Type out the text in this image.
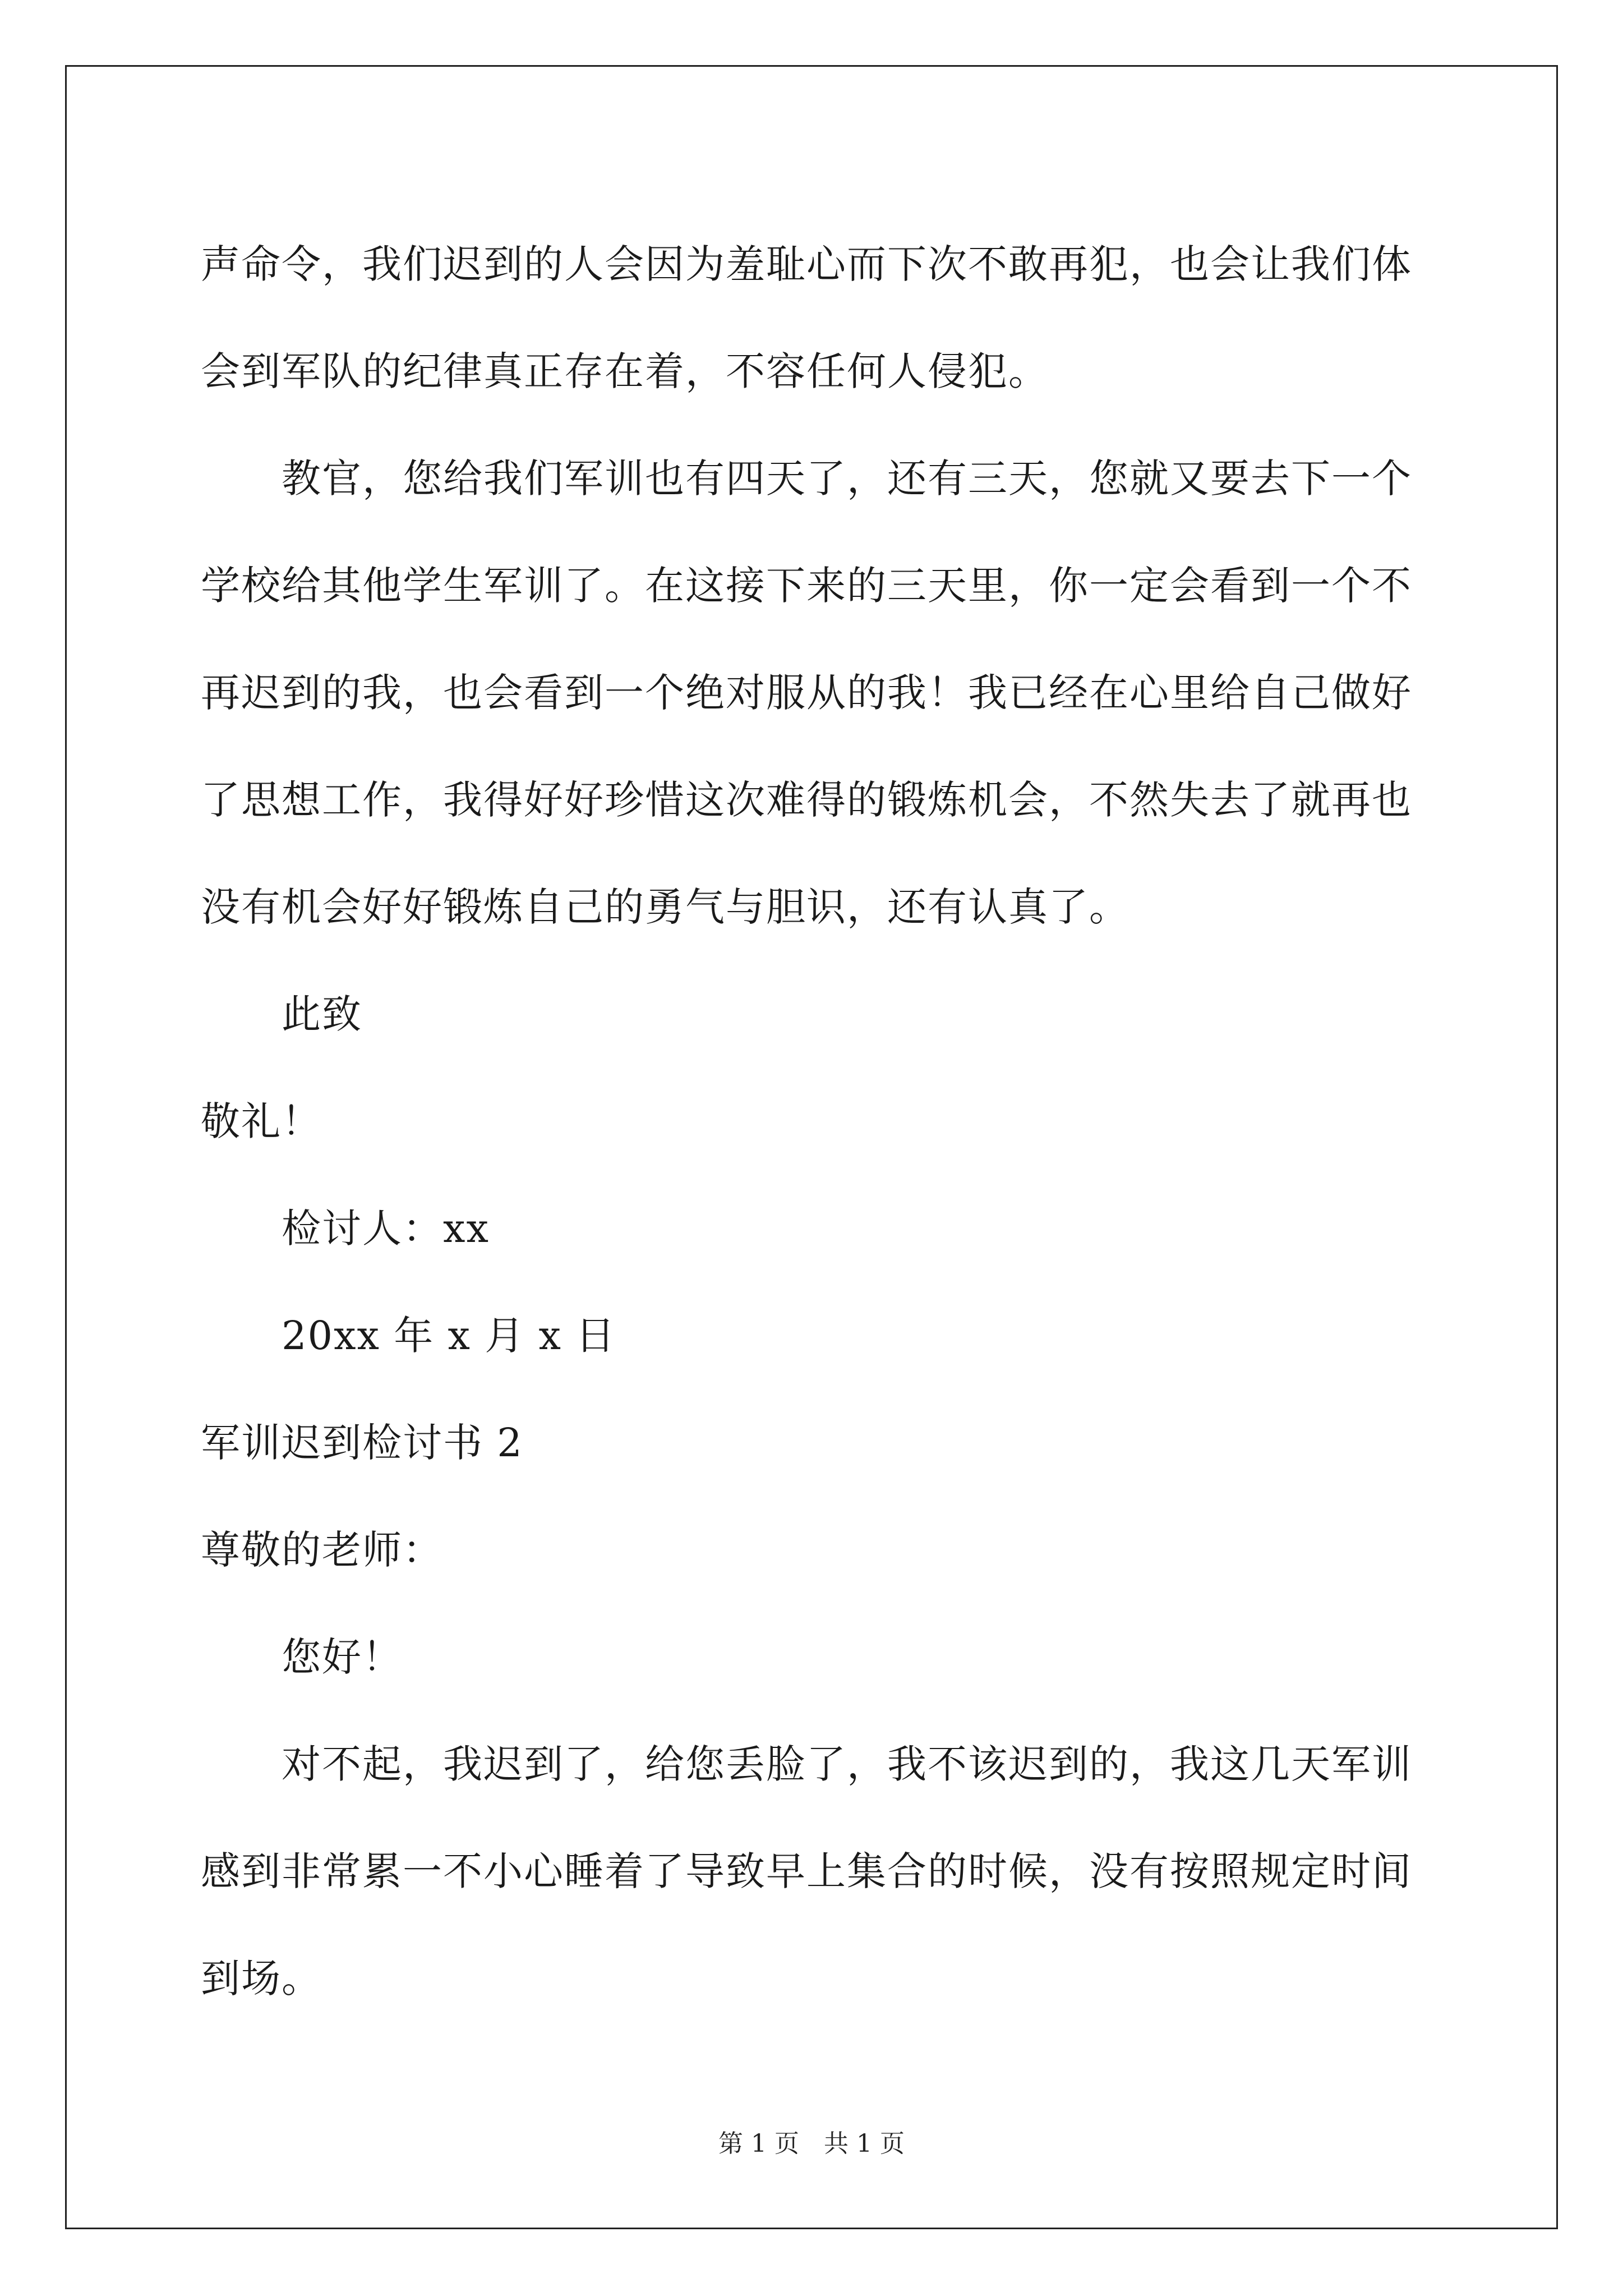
声命令，我们迟到的人会因为羞耻心而下次不敢再犯，也会让我们体

会到军队的纪律真正存在着，不容任何人侵犯。

教官，您给我们军训也有四天了，还有三天，您就又要去下一个

学校给其他学生军训了。在这接下来的三天里，你一定会看到一个不

再迟到的我，也会看到一个绝对服从的我！我已经在心里给自己做好

了思想工作，我得好好珍惜这次难得的锻炼机会，不然失去了就再也

没有机会好好锻炼自己的勇气与胆识，还有认真了。

此致

敬礼！

检讨人：xx

20xx 年 x 月 x 日

军训迟到检讨书 2

尊敬的老师：

您好！

对不起，我迟到了，给您丢脸了，我不该迟到的，我这几天军训

感到非常累一不小心睡着了导致早上集合的时候，没有按照规定时间

到场。

第 1 页　共 1 页
